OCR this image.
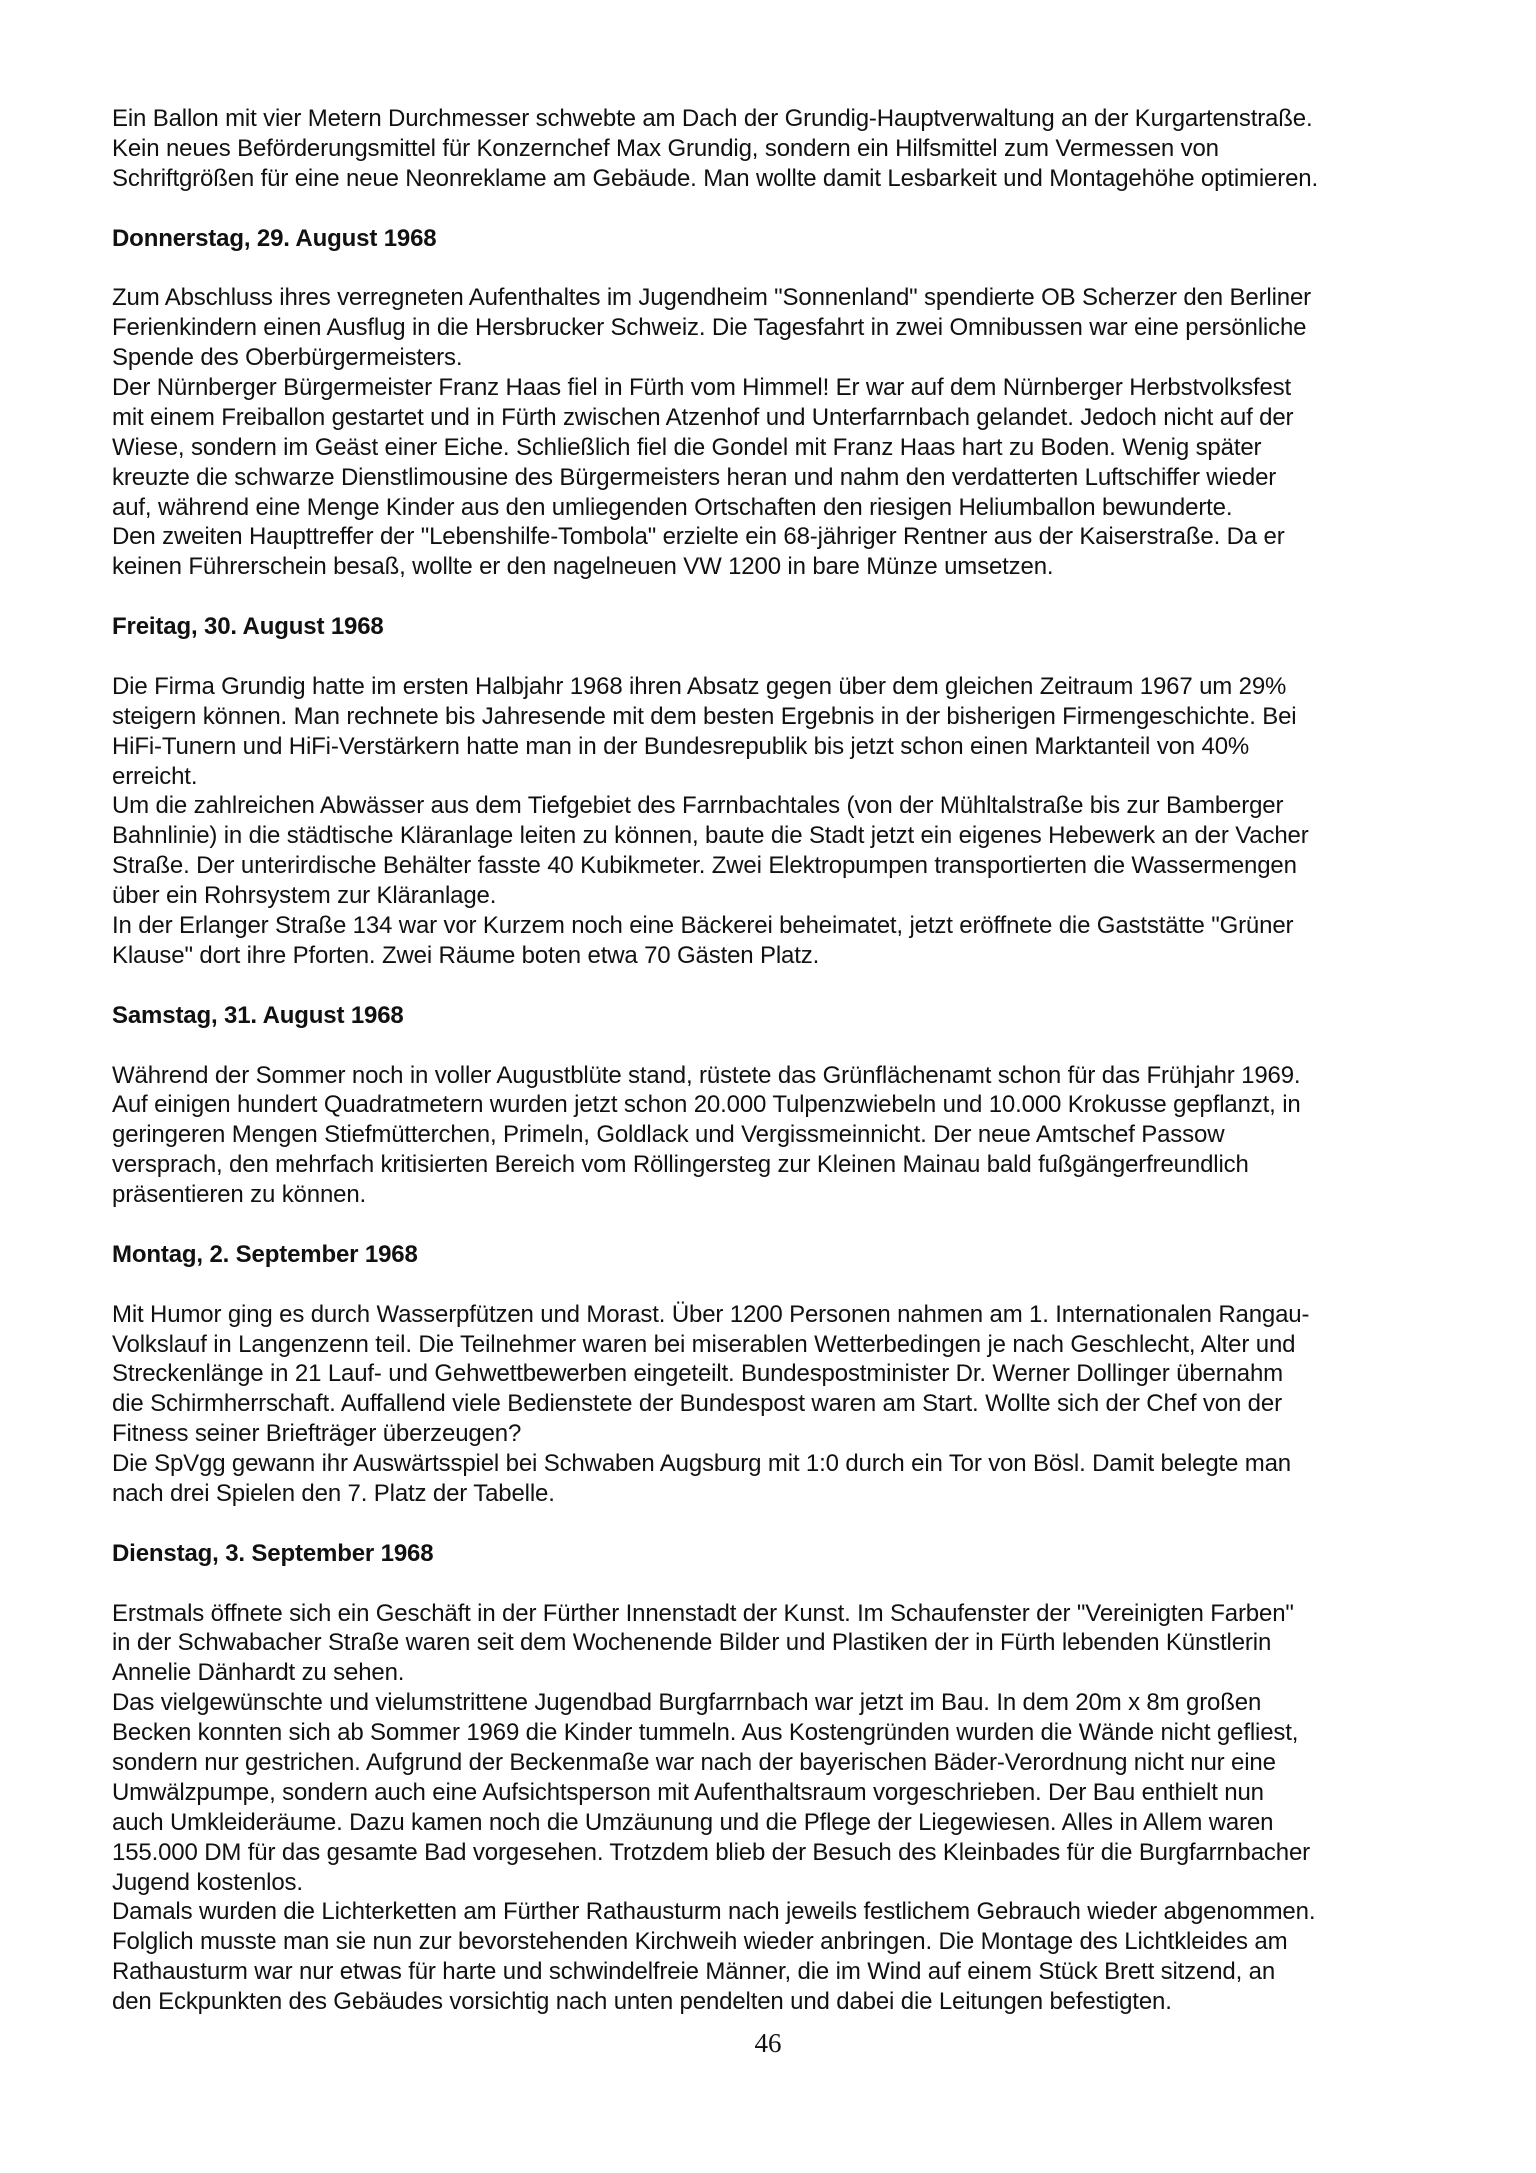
Ein Ballon mit vier Metern Durchmesser schwebte am Dach der Grundig-Hauptverwaltung an der Kurgartenstraße.
Kein neues Beförderungsmittel für Konzernchef Max Grundig, sondern ein Hilfsmittel zum Vermessen von
Schriftgrößen für eine neue Neonreklame am Gebäude. Man wollte damit Lesbarkeit und Montagehöhe optimieren.
Donnerstag, 29. August 1968
Zum Abschluss ihres verregneten Aufenthaltes im Jugendheim "Sonnenland" spendierte OB Scherzer den Berliner
Ferienkindern einen Ausflug in die Hersbrucker Schweiz. Die Tagesfahrt in zwei Omnibussen war eine persönliche
Spende des Oberbürgermeisters.
Der Nürnberger Bürgermeister Franz Haas fiel in Fürth vom Himmel! Er war auf dem Nürnberger Herbstvolksfest
mit einem Freiballon gestartet und in Fürth zwischen Atzenhof und Unterfarrnbach gelandet. Jedoch nicht auf der
Wiese, sondern im Geäst einer Eiche. Schließlich fiel die Gondel mit Franz Haas hart zu Boden. Wenig später
kreuzte die schwarze Dienstlimousine des Bürgermeisters heran und nahm den verdatterten Luftschiffer wieder
auf, während eine Menge Kinder aus den umliegenden Ortschaften den riesigen Heliumballon bewunderte.
Den zweiten Haupttreffer der "Lebenshilfe-Tombola" erzielte ein 68-jähriger Rentner aus der Kaiserstraße. Da er
keinen Führerschein besaß, wollte er den nagelneuen VW 1200 in bare Münze umsetzen.
Freitag, 30. August 1968
Die Firma Grundig hatte im ersten Halbjahr 1968 ihren Absatz gegen über dem gleichen Zeitraum 1967 um 29%
steigern können. Man rechnete bis Jahresende mit dem besten Ergebnis in der bisherigen Firmengeschichte. Bei
HiFi-Tunern und HiFi-Verstärkern hatte man in der Bundesrepublik bis jetzt schon einen Marktanteil von 40%
erreicht.
Um die zahlreichen Abwässer aus dem Tiefgebiet des Farrnbachtales (von der Mühltalstraße bis zur Bamberger
Bahnlinie) in die städtische Kläranlage leiten zu können, baute die Stadt jetzt ein eigenes Hebewerk an der Vacher
Straße. Der unterirdische Behälter fasste 40 Kubikmeter. Zwei Elektropumpen transportierten die Wassermengen
über ein Rohrsystem zur Kläranlage.
In der Erlanger Straße 134 war vor Kurzem noch eine Bäckerei beheimatet, jetzt eröffnete die Gaststätte "Grüner
Klause" dort ihre Pforten. Zwei Räume boten etwa 70 Gästen Platz.
Samstag, 31. August 1968
Während der Sommer noch in voller Augustblüte stand, rüstete das Grünflächenamt schon für das Frühjahr 1969.
Auf einigen hundert Quadratmetern wurden jetzt schon 20.000 Tulpenzwiebeln und 10.000 Krokusse gepflanzt, in
geringeren Mengen Stiefmütterchen, Primeln, Goldlack und Vergissmeinnicht. Der neue Amtschef Passow
versprach, den mehrfach kritisierten Bereich vom Röllingersteg zur Kleinen Mainau bald fußgängerfreundlich
präsentieren zu können.
Montag, 2. September 1968
Mit Humor ging es durch Wasserpfützen und Morast. Über 1200 Personen nahmen am 1. Internationalen Rangau-
Volkslauf in Langenzenn teil. Die Teilnehmer waren bei miserablen Wetterbedingen je nach Geschlecht, Alter und
Streckenlänge in 21 Lauf- und Gehwettbewerben eingeteilt. Bundespostminister Dr. Werner Dollinger übernahm
die Schirmherrschaft. Auffallend viele Bedienstete der Bundespost waren am Start. Wollte sich der Chef von der
Fitness seiner Briefträger überzeugen?
Die SpVgg gewann ihr Auswärtsspiel bei Schwaben Augsburg mit 1:0 durch ein Tor von Bösl. Damit belegte man
nach drei Spielen den 7. Platz der Tabelle.
Dienstag, 3. September 1968
Erstmals öffnete sich ein Geschäft in der Fürther Innenstadt der Kunst. Im Schaufenster der "Vereinigten Farben"
in der Schwabacher Straße waren seit dem Wochenende Bilder und Plastiken der in Fürth lebenden Künstlerin
Annelie Dänhardt zu sehen.
Das vielgewünschte und vielumstrittene Jugendbad Burgfarrnbach war jetzt im Bau. In dem 20m x 8m großen
Becken konnten sich ab Sommer 1969 die Kinder tummeln. Aus Kostengründen wurden die Wände nicht gefliest,
sondern nur gestrichen. Aufgrund der Beckenmaße war nach der bayerischen Bäder-Verordnung nicht nur eine
Umwälzpumpe, sondern auch eine Aufsichtsperson mit Aufenthaltsraum vorgeschrieben. Der Bau enthielt nun
auch Umkleideräume. Dazu kamen noch die Umzäunung und die Pflege der Liegewiesen. Alles in Allem waren
155.000 DM für das gesamte Bad vorgesehen. Trotzdem blieb der Besuch des Kleinbades für die Burgfarrnbacher
Jugend kostenlos.
Damals wurden die Lichterketten am Fürther Rathausturm nach jeweils festlichem Gebrauch wieder abgenommen.
Folglich musste man sie nun zur bevorstehenden Kirchweih wieder anbringen. Die Montage des Lichtkleides am
Rathausturm war nur etwas für harte und schwindelfreie Männer, die im Wind auf einem Stück Brett sitzend, an
den Eckpunkten des Gebäudes vorsichtig nach unten pendelten und dabei die Leitungen befestigten.
46
